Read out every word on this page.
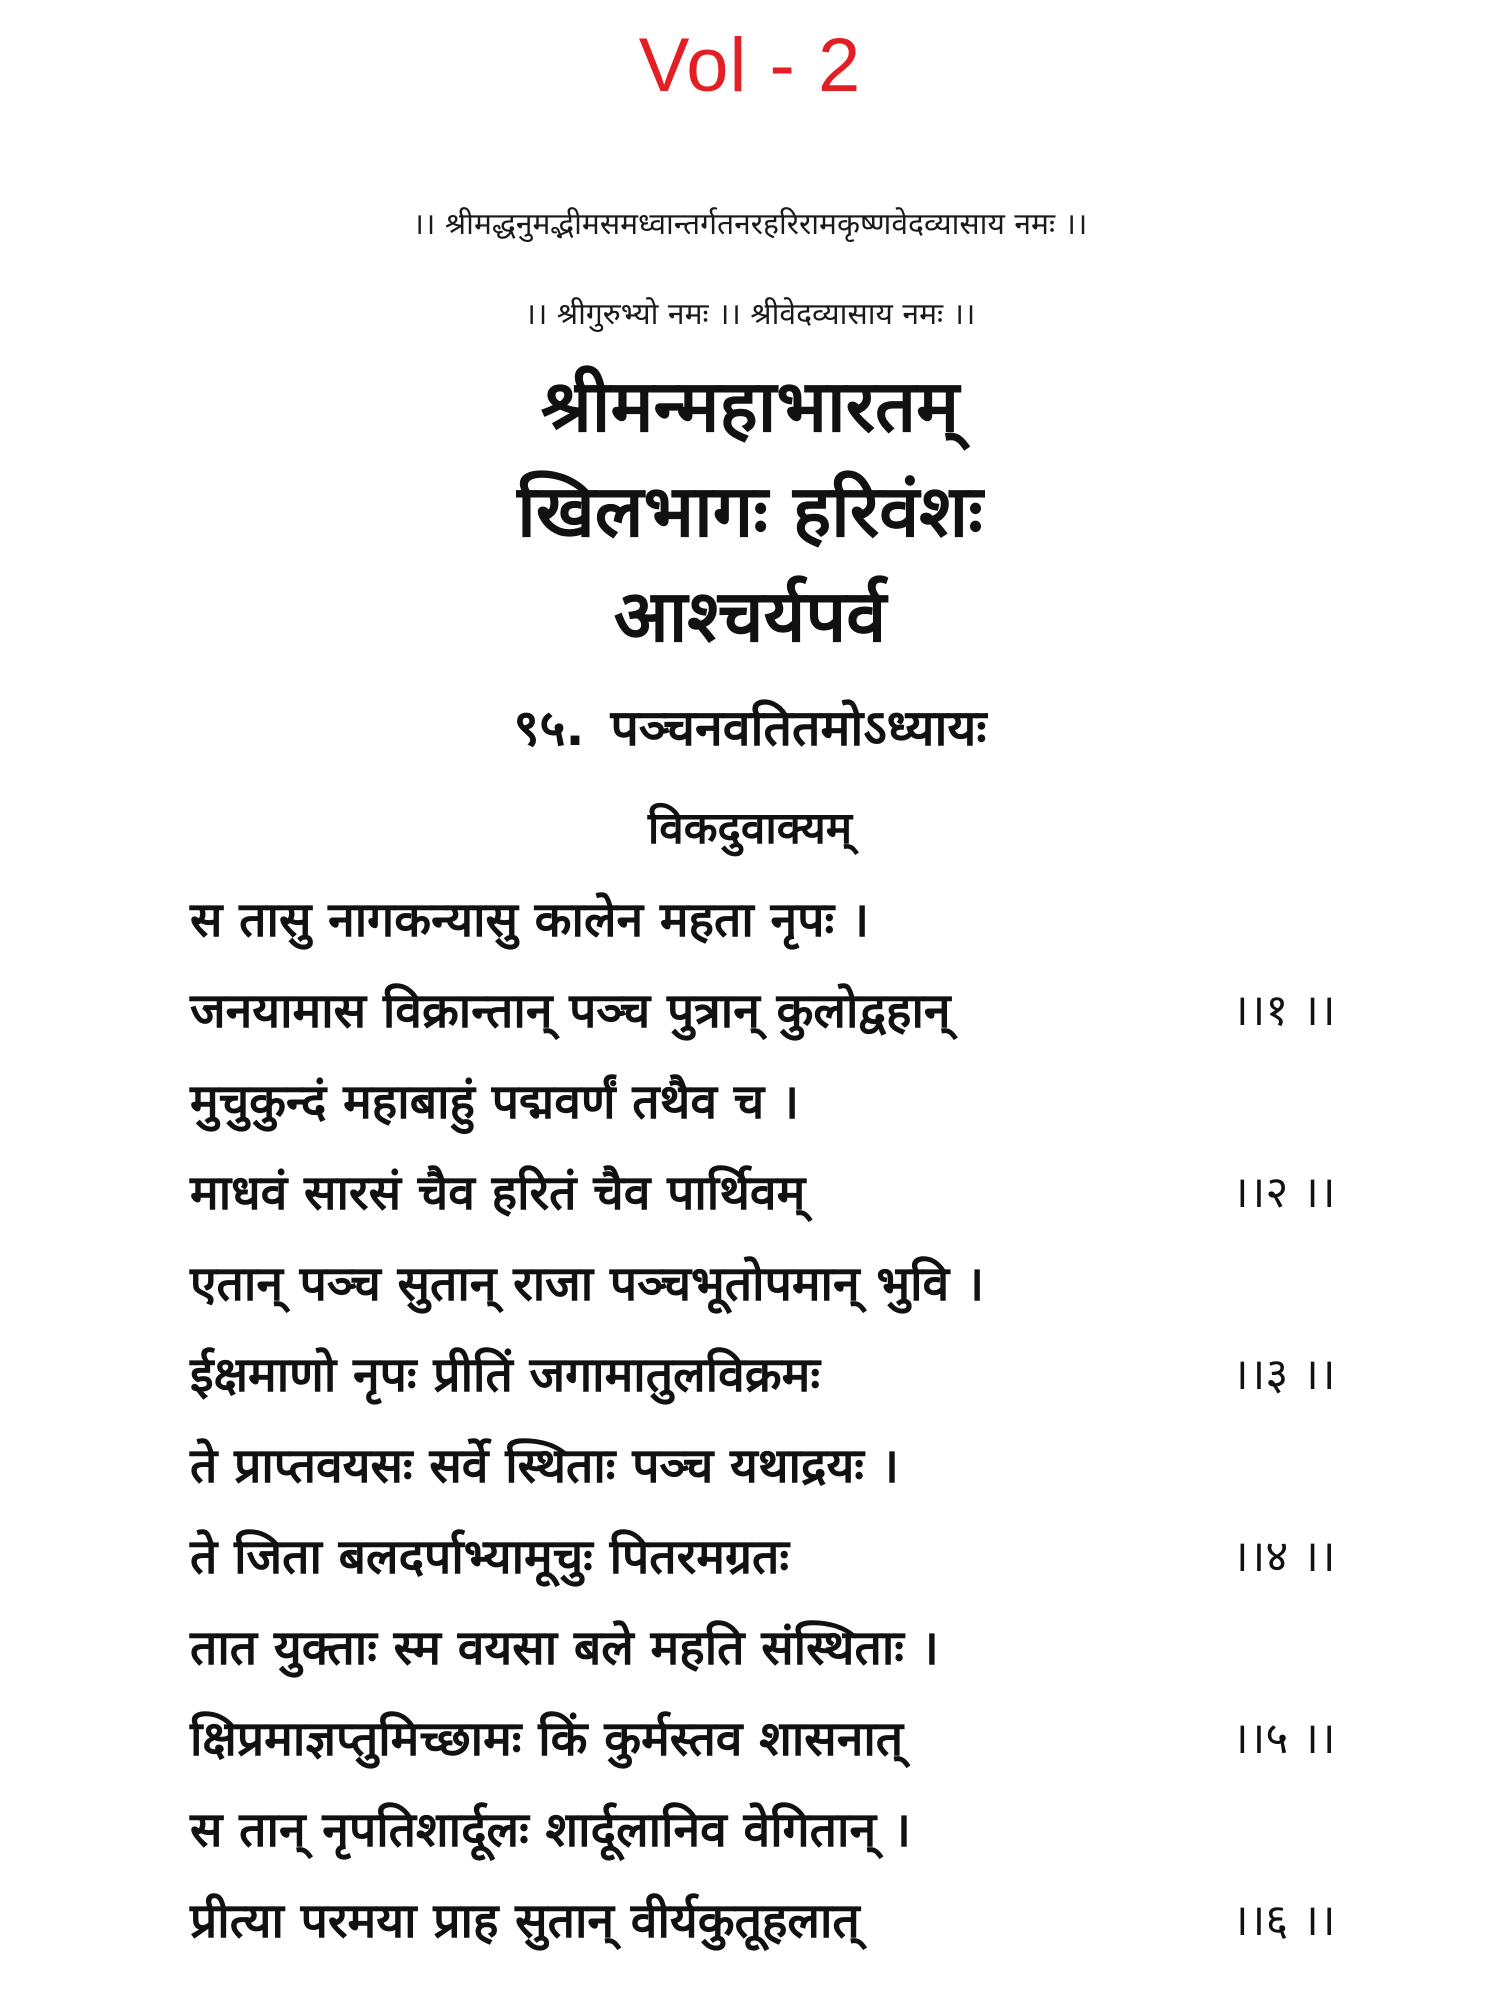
Vol - 2
।। श्रीमद्धनुमद्भीमसमध्वान्तर्गतनरहरिरामकृष्णवेदव्यासाय नमः ।।
।। श्रीगुरुभ्यो नमः ।। श्रीवेदव्यासाय नमः ।।
श्रीमन्महाभारतम्
खिलभागः हरिवंशः
आश्चर्यपर्व
९५. पञ्चनवतितमोऽध्यायः
विकदुवाक्यम्
स तासु नागकन्यासु कालेन महता नृपः ।
जनयामास विक्रान्तान् पञ्च पुत्रान् कुलोद्वहान्	।।१ ।।
मुचुकुन्दं महाबाहुं पद्मवर्णं तथैव च ।
माधवं सारसं चैव हरितं चैव पार्थिवम्	।।२ ।।
एतान् पञ्च सुतान् राजा पञ्चभूतोपमान् भुवि ।
ईक्षमाणो नृपः प्रीतिं जगामातुलविक्रमः	।।३ ।।
ते प्राप्तवयसः सर्वे स्थिताः पञ्च यथाद्रयः ।
ते जिता बलदर्पाभ्यामूचुः पितरमग्रतः	।।४ ।।
तात युक्ताः स्म वयसा बले महति संस्थिताः ।
क्षिप्रमाज्ञप्तुमिच्छामः किं कुर्मस्तव शासनात्	।।५ ।।
स तान् नृपतिशार्दूलः शार्दूलानिव वेगितान् ।
प्रीत्या परमया प्राह सुतान् वीर्यकुतूहलात्	।।६ ।।
